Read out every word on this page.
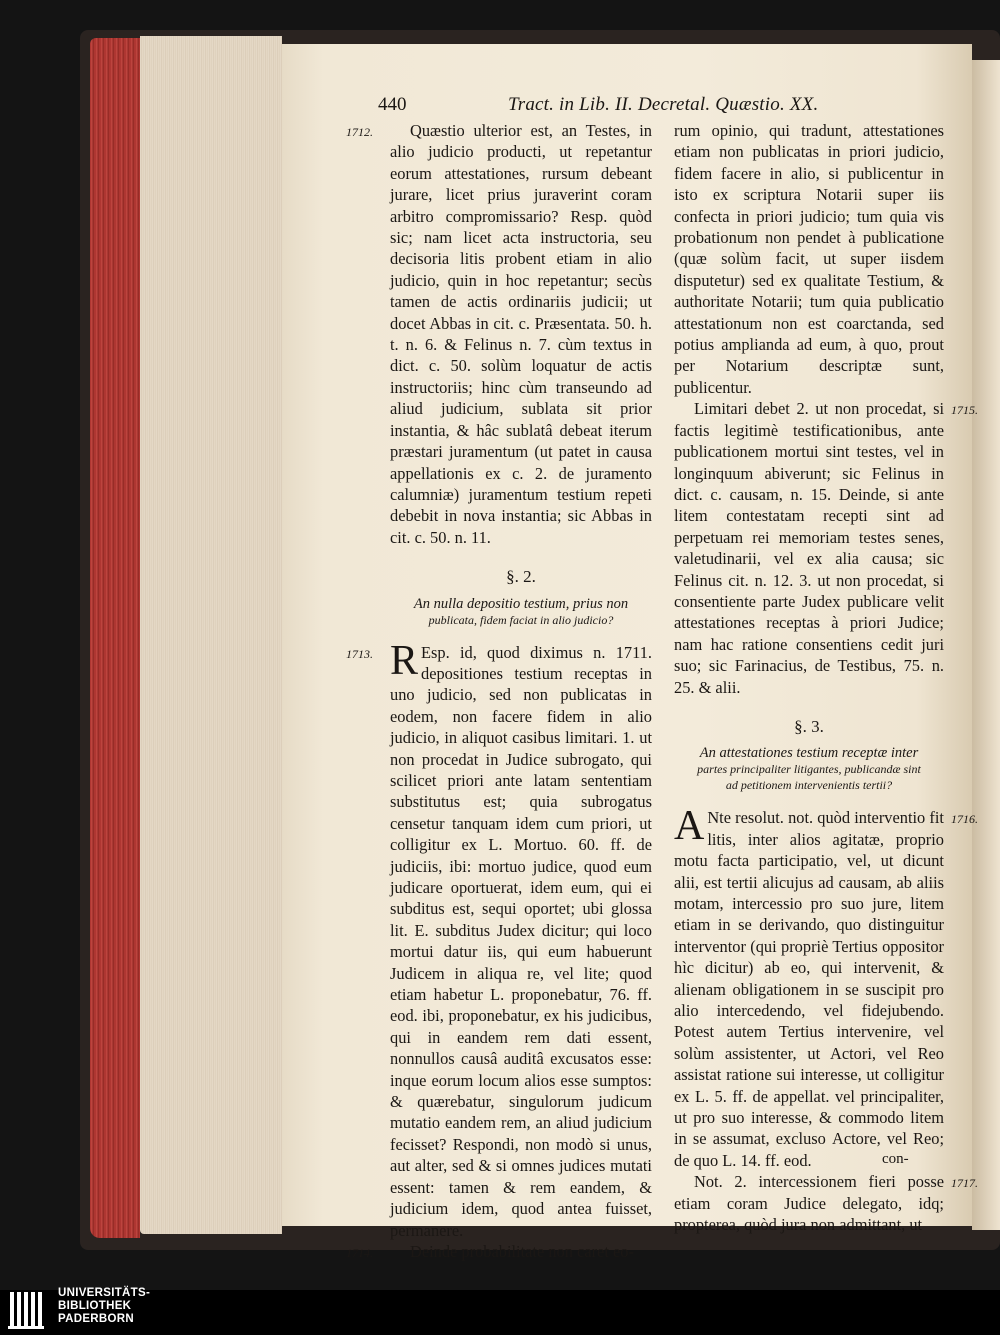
440	Tract. in Lib. II. Decretal. Quæstio. XX.
1712.	Quæstio ulterior est, an Testes, in alio judicio producti, ut repetantur eorum attestationes, rursum debeant jurare, licet prius juraverint coram arbitro compromissario? Resp. quòd sic; nam licet acta instructoria, seu decisoria litis probent etiam in alio judicio, quin in hoc repetantur; secùs tamen de actis ordinariis judicii; ut docet Abbas in cit. c. Præsentata. 50. h. t. n. 6. & Felinus n. 7. cùm textus in dict. c. 50. solùm loquatur de actis instructoriis; hinc cùm transeundo ad aliud judicium, sublata sit prior instantia, & hâc sublatâ debeat iterum præstari juramentum (ut patet in causa appellationis ex c. 2. de juramento calumniæ) juramentum testium repeti debebit in nova instantia; sic Abbas in cit. c. 50. n. 11.

§. 2.
An nulla depositio testium, prius non
publicata, fidem faciat in alio judicio?
1713. R Esp. id, quod diximus n. 1711. depositiones testium receptas in uno judicio, sed non publicatas in eodem, non facere fidem in alio judicio, in aliquot casibus limitari. 1. ut non procedat in Judice subrogato, qui scilicet priori ante latam sententiam substitutus est; quia subrogatus censetur tanquam idem cum priori, ut colligitur ex L. Mortuo. 60. ff. de judiciis, ibi: mortuo judice, quod eum judicare oportuerat, idem eum, qui ei subditus est, sequi oportet; ubi glossa lit. E. subditus Judex dicitur; qui loco mortui datur iis, qui eum habuerunt Judicem in aliqua re, vel lite; quod etiam habetur L. proponebatur, 76. ff. eod. ibi, proponebatur, ex his judicibus, qui in eandem rem dati essent, nonnullos causâ auditâ excusatos esse: inque eorum locum alios esse sumptos: & quærebatur, singulorum judicum mutatio eandem rem, an aliud judicium fecisset? Respondi, non modò si unus, aut alter, sed & si omnes judices mutati essent: tamen & rem eandem, & judicium idem, quod antea fuisset, permanere.

1714.	Deinde probabilitate non caret eo-

rum opinio, qui tradunt, attestationes etiam non publicatas in priori judicio, fidem facere in alio, si publicentur in isto ex scriptura Notarii super iis confecta in priori judicio; tum quia vis probationum non pendet à publicatione (quæ solùm facit, ut super iisdem disputetur) sed ex qualitate Testium, & authoritate Notarii; tum quia publicatio attestationum non est coarctanda, sed potius amplianda ad eum, à quo, prout per Notarium descriptæ sunt, publicentur.

1715.

Limitari debet 2. ut non procedat, si factis legitimè testificationibus, ante publicationem mortui sint testes, vel in longinquum abiverunt; sic Felinus in dict. c. causam, n. 15. Deinde, si ante litem contestatam recepti sint ad perpetuam rei memoriam testes senes, valetudinarii, vel ex alia causa; sic Felinus cit. n. 12. 3. ut non procedat, si consentiente parte Judex publicare velit attestationes receptas à priori Judice; nam hac ratione consentiens cedit juri suo; sic Farinacius, de Testibus, 75. n. 25. & alii.

§. 3.
An attestationes testium receptæ inter
partes principaliter litigantes, publicandæ sint
ad petitionem intervenientis tertii?
1716.
A Nte resolut. not. quòd interventio fit litis, inter alios agitatæ, proprio motu facta participatio, vel, ut dicunt alii, est tertii alicujus ad causam, ab aliis motam, intercessio pro suo jure, litem etiam in se derivando, quo distinguitur interventor (qui propriè Tertius oppositor hìc dicitur) ab eo, qui intervenit, & alienam obligationem in se suscipit pro alio intercedendo, vel fidejubendo. Potest autem Tertius intervenire, vel solùm assistenter, ut Actori, vel Reo assistat ratione sui interesse, ut colligitur ex L. 5. ff. de appellat. vel principaliter, ut pro suo interesse, & commodo litem in se assumat, exclusо Actore, vel Reo; de quo L. 14. ff. eod.

1717.

Not. 2. intercessionem fieri posse etiam coram Judice delegato, idq; propterea, quòd jura non admittant, ut

con-
UNIVERSITÄTS-
BIBLIOTHEK
PADERBORN
